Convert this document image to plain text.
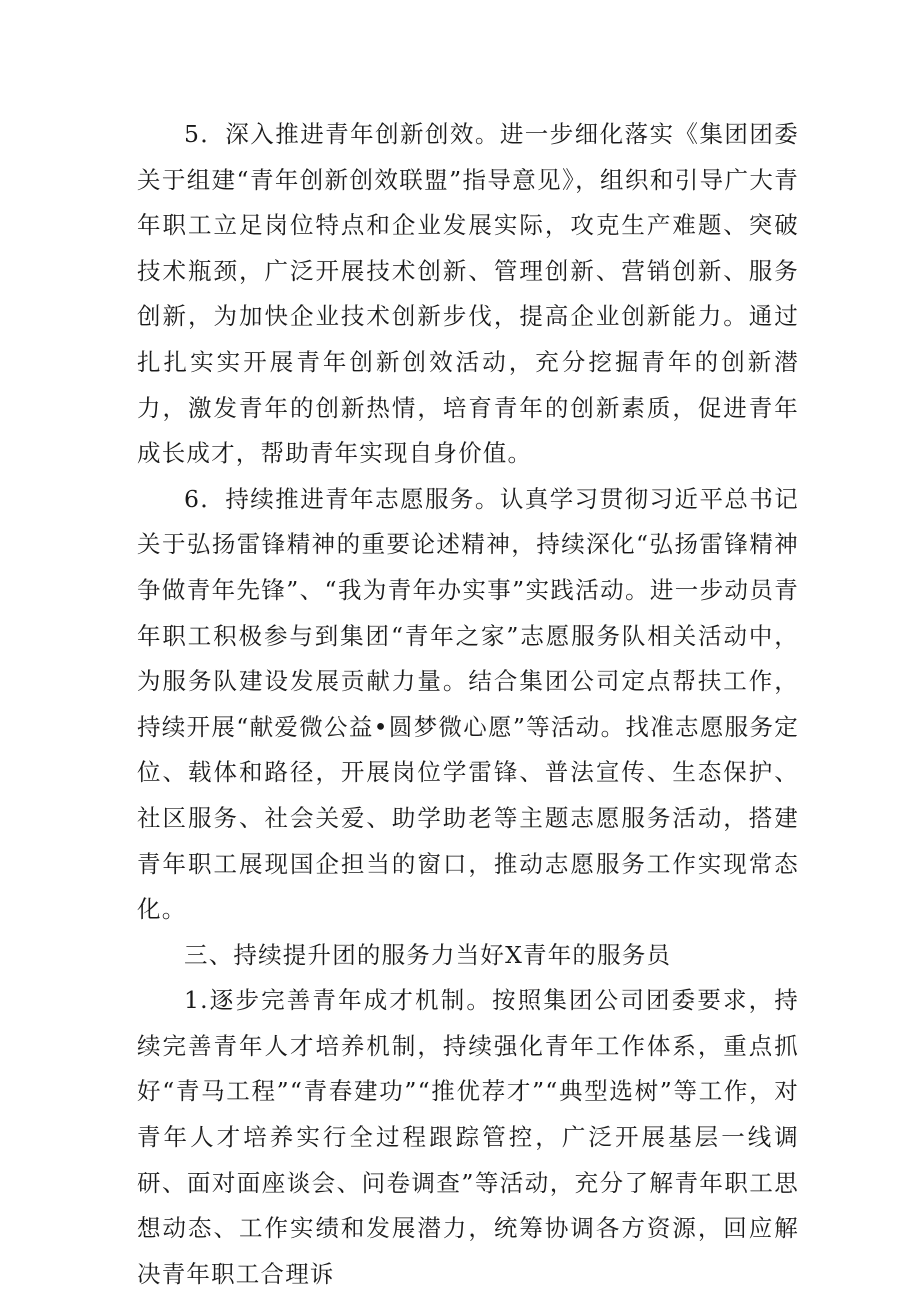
5．深入推进青年创新创效。进一步细化落实《集团团委关于组建“青年创新创效联盟”指导意见》，组织和引导广大青年职工立足岗位特点和企业发展实际，攻克生产难题、突破技术瓶颈，广泛开展技术创新、管理创新、营销创新、服务创新，为加快企业技术创新步伐，提高企业创新能力。通过扎扎实实开展青年创新创效活动，充分挖掘青年的创新潜力，激发青年的创新热情，培育青年的创新素质，促进青年成长成才，帮助青年实现自身价值。

6．持续推进青年志愿服务。认真学习贯彻习近平总书记关于弘扬雷锋精神的重要论述精神，持续深化“弘扬雷锋精神争做青年先锋”、“我为青年办实事”实践活动。进一步动员青年职工积极参与到集团“青年之家”志愿服务队相关活动中，为服务队建设发展贡献力量。结合集团公司定点帮扶工作，持续开展“献爱微公益•圆梦微心愿”等活动。找准志愿服务定位、载体和路径，开展岗位学雷锋、普法宣传、生态保护、社区服务、社会关爱、助学助老等主题志愿服务活动，搭建青年职工展现国企担当的窗口，推动志愿服务工作实现常态化。

三、持续提升团的服务力当好X青年的服务员

1.逐步完善青年成才机制。按照集团公司团委要求，持续完善青年人才培养机制，持续强化青年工作体系，重点抓好“青马工程”“青春建功”“推优荐才”“典型选树”等工作，对青年人才培养实行全过程跟踪管控，广泛开展基层一线调研、面对面座谈会、问卷调查”等活动，充分了解青年职工思想动态、工作实绩和发展潜力，统筹协调各方资源，回应解决青年职工合理诉
